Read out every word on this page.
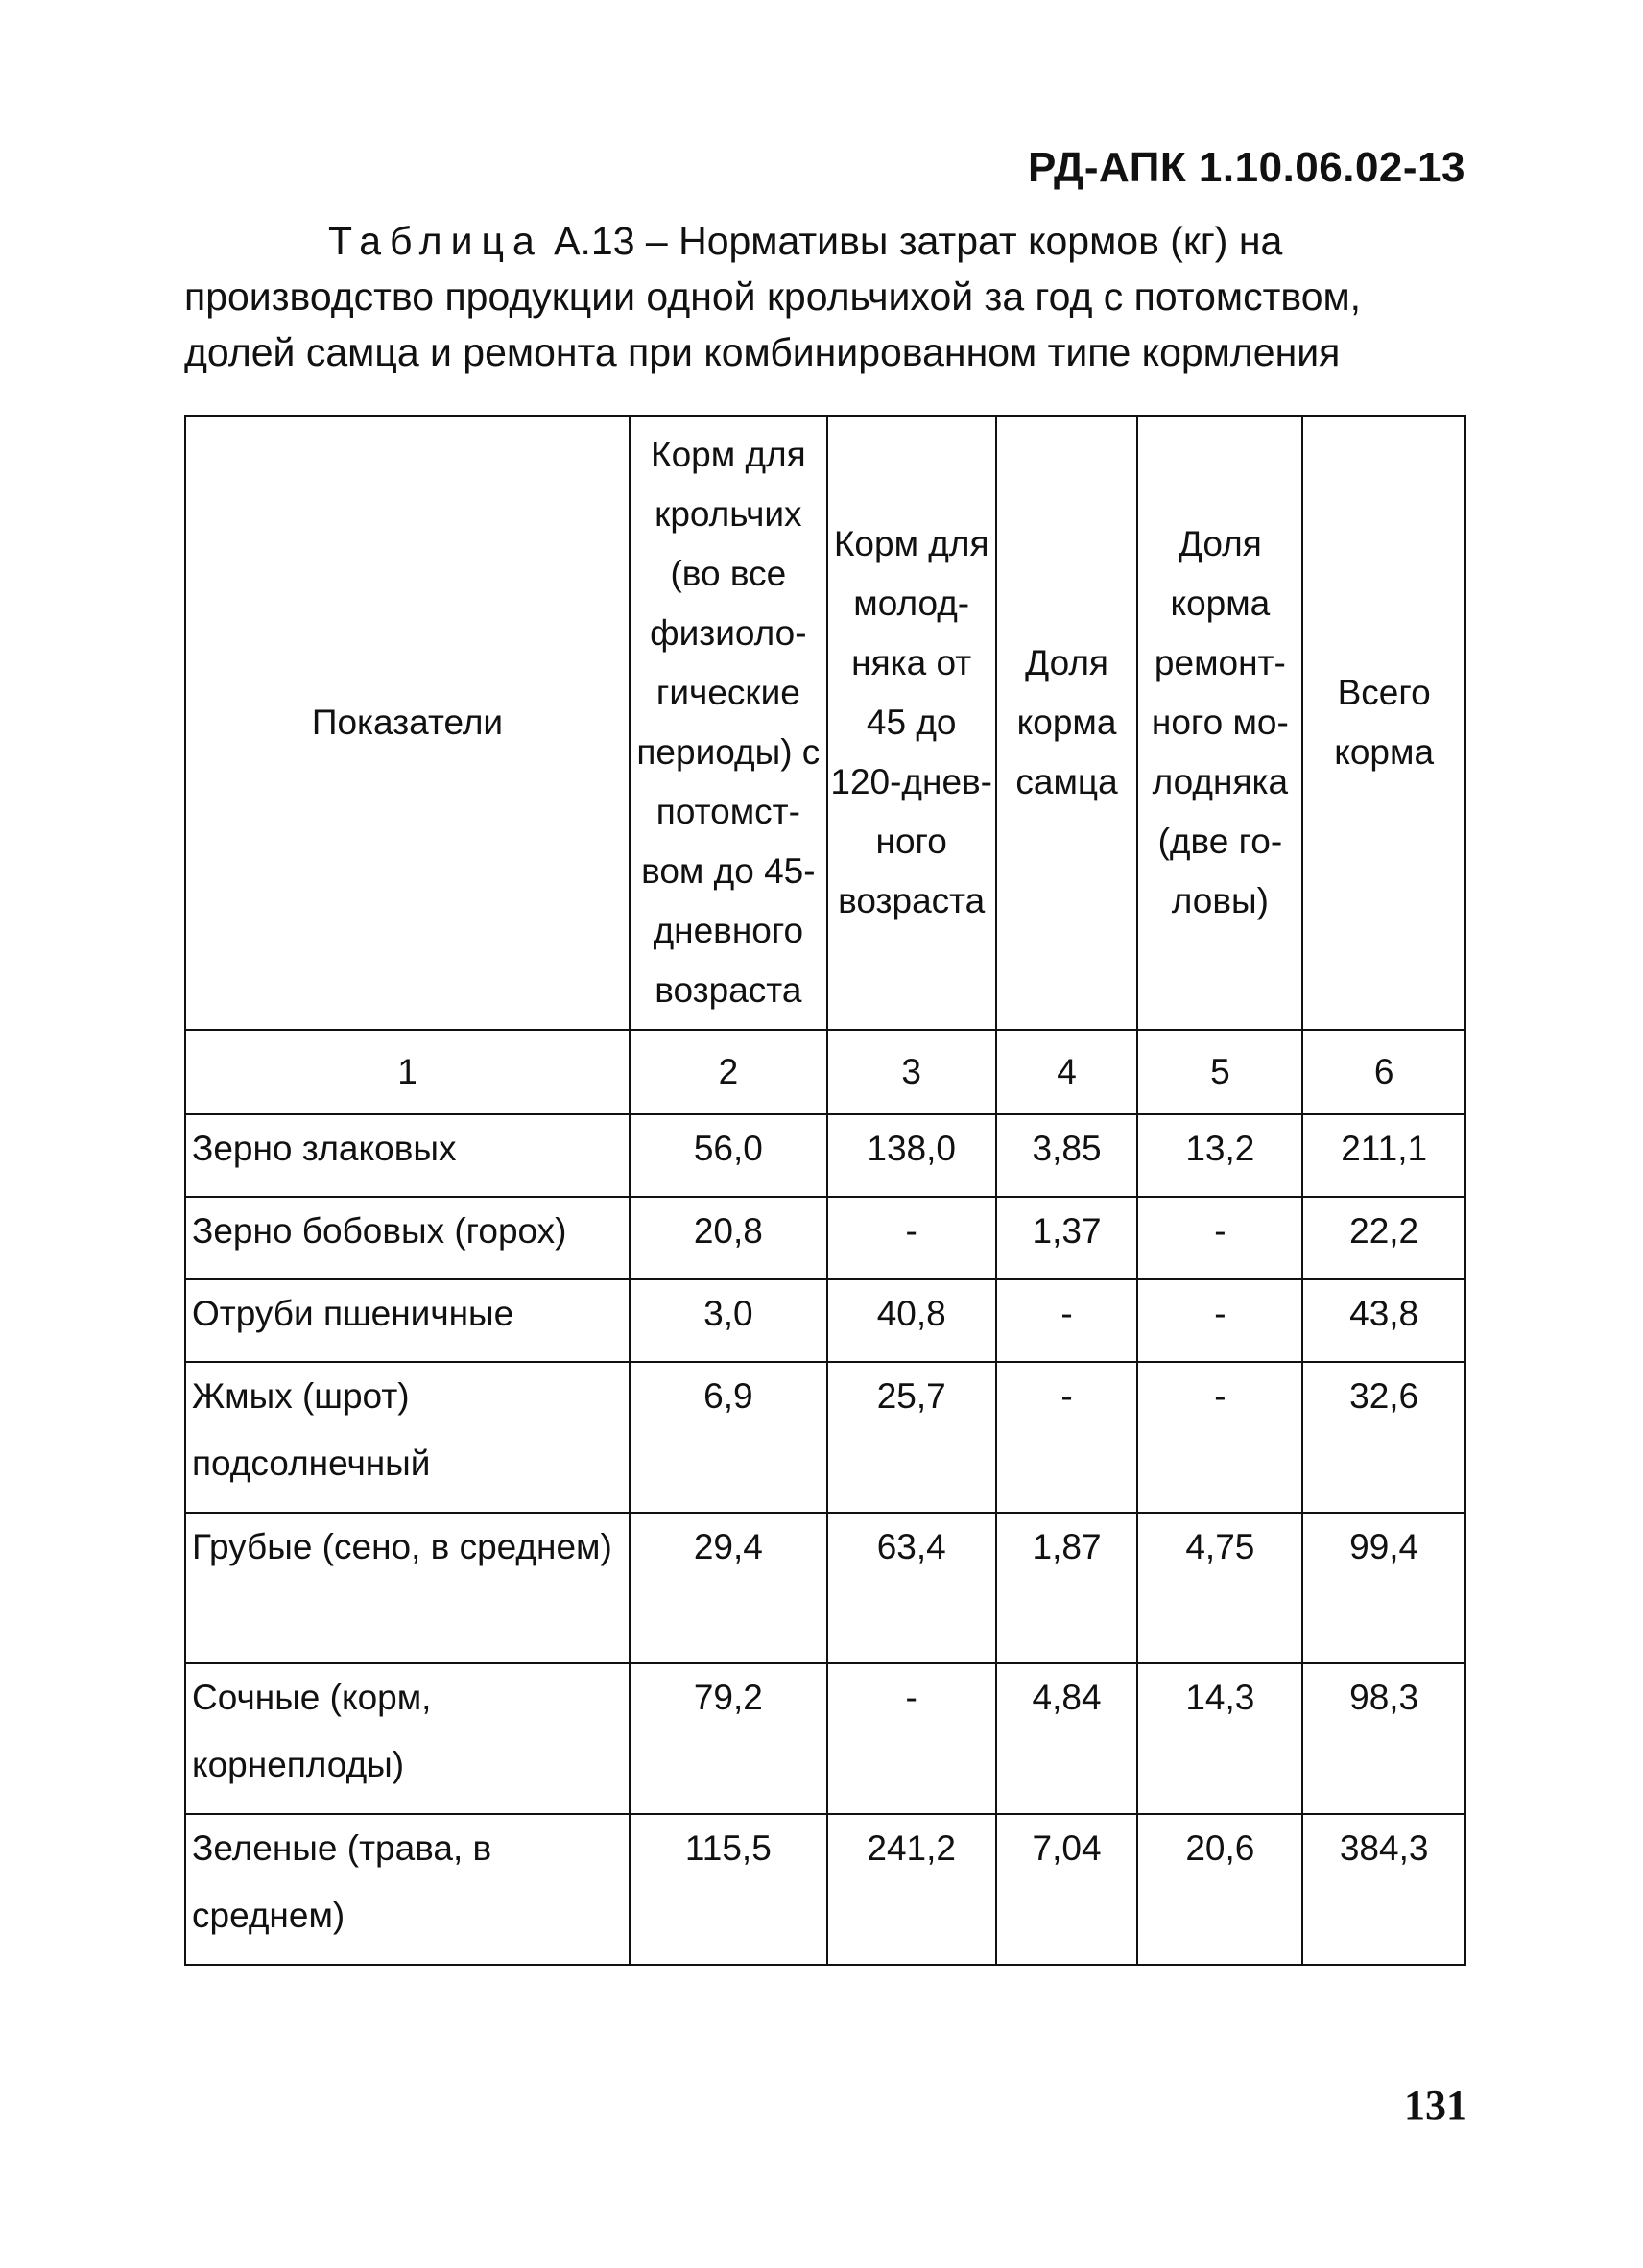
РД-АПК 1.10.06.02-13
Таблица А.13 – Нормативы затрат кормов (кг) на производство продукции одной крольчихой за год с потомством, долей самца и ремонта при комбинированном типе кормления
Показатели	Корм для крольчих (во все физиоло-гические периоды) с потомст-вом до 45-дневного возраста	Корм для молод-няка от 45 до 120-днев-ного возраста	Доля корма самца	Доля корма ремонт-ного мо-лодняка (две го-ловы)	Всего корма
1	2	3	4	5	6
Зерно злаковых	56,0	138,0	3,85	13,2	211,1
Зерно бобовых (горох)	20,8	-	1,37	-	22,2
Отруби пшеничные	3,0	40,8	-	-	43,8
Жмых (шрот) подсолнечный	6,9	25,7	-	-	32,6
Грубые (сено, в среднем)	29,4	63,4	1,87	4,75	99,4
Сочные (корм, корнеплоды)	79,2	-	4,84	14,3	98,3
Зеленые (трава, в среднем)	115,5	241,2	7,04	20,6	384,3
131
